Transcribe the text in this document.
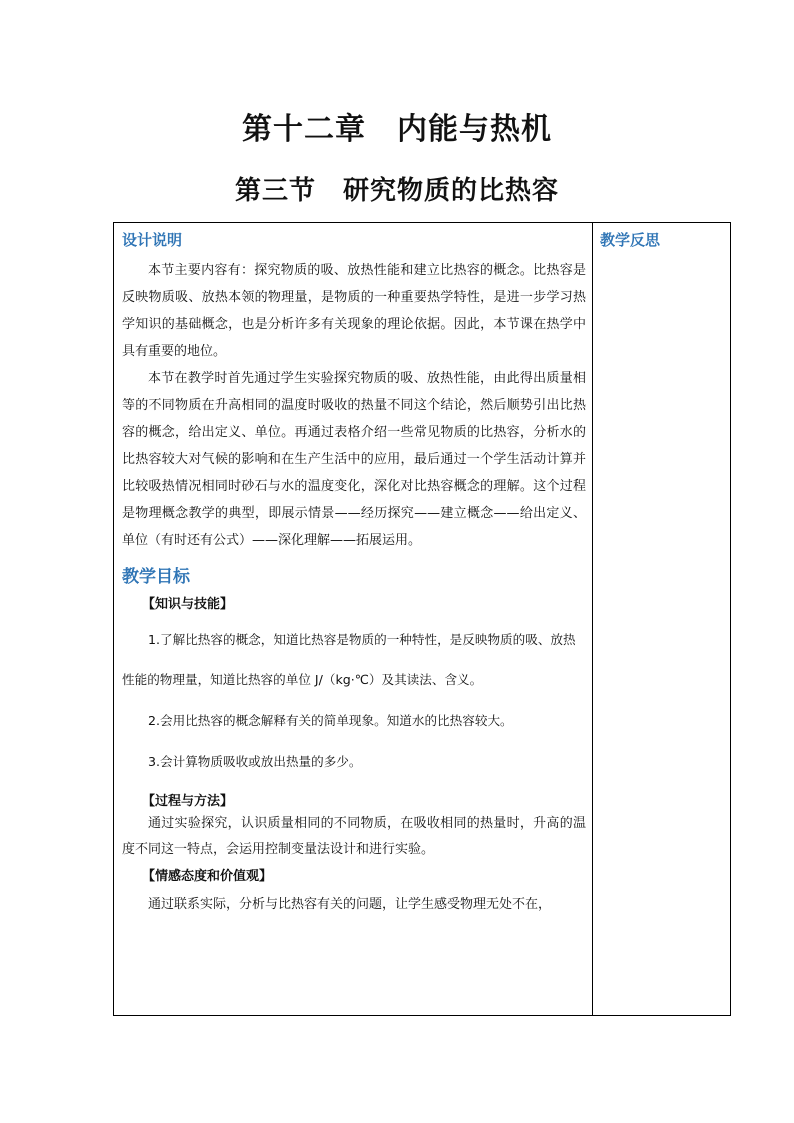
第十二章　内能与热机
第三节　研究物质的比热容

设计说明

本节主要内容有：探究物质的吸、放热性能和建立比热容的概念。比热容是反映物质吸、放热本领的物理量，是物质的一种重要热学特性，是进一步学习热学知识的基础概念，也是分析许多有关现象的理论依据。因此，本节课在热学中具有重要的地位。

本节在教学时首先通过学生实验探究物质的吸、放热性能，由此得出质量相等的不同物质在升高相同的温度时吸收的热量不同这个结论，然后顺势引出比热容的概念，给出定义、单位。再通过表格介绍一些常见物质的比热容，分析水的比热容较大对气候的影响和在生产生活中的应用，最后通过一个学生活动计算并比较吸热情况相同时砂石与水的温度变化，深化对比热容概念的理解。这个过程是物理概念教学的典型，即展示情景——经历探究——建立概念——给出定义、单位（有时还有公式）——深化理解——拓展运用。

教学目标

【知识与技能】

1.了解比热容的概念，知道比热容是物质的一种特性，是反映物质的吸、放热性能的物理量，知道比热容的单位 J/（kg·℃）及其读法、含义。

2.会用比热容的概念解释有关的简单现象。知道水的比热容较大。

3.会计算物质吸收或放出热量的多少。

【过程与方法】

通过实验探究，认识质量相同的不同物质，在吸收相同的热量时，升高的温度不同这一特点，会运用控制变量法设计和进行实验。

【情感态度和价值观】

通过联系实际，分析与比热容有关的问题，让学生感受物理无处不在，

教学反思
